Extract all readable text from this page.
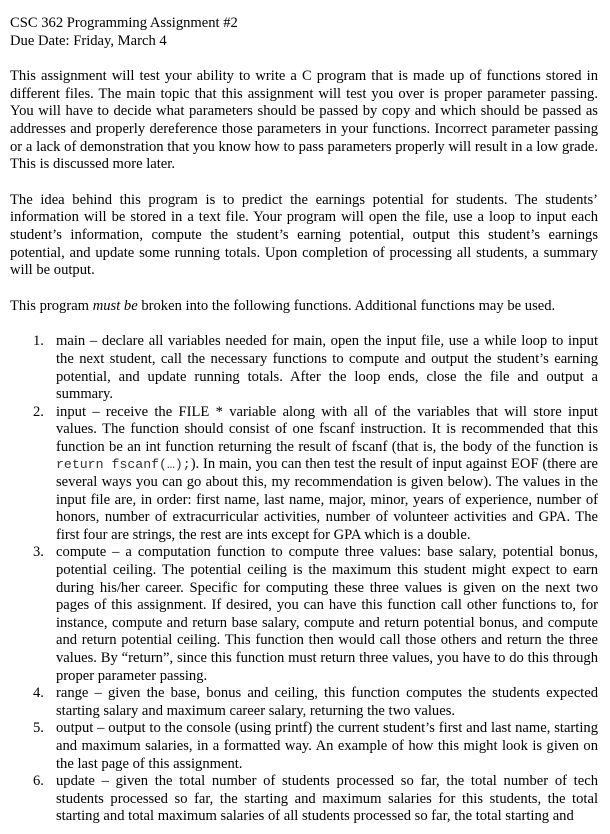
CSC 362 Programming Assignment #2
Due Date: Friday, March 4

This assignment will test your ability to write a C program that is made up of functions stored in different files. The main topic that this assignment will test you over is proper parameter passing. You will have to decide what parameters should be passed by copy and which should be passed as addresses and properly dereference those parameters in your functions. Incorrect parameter passing or a lack of demonstration that you know how to pass parameters properly will result in a low grade. This is discussed more later.

The idea behind this program is to predict the earnings potential for students. The students’ information will be stored in a text file. Your program will open the file, use a loop to input each student’s information, compute the student’s earning potential, output this student’s earnings potential, and update some running totals. Upon completion of processing all students, a summary will be output.

This program must be broken into the following functions. Additional functions may be used.

1. main – declare all variables needed for main, open the input file, use a while loop to input the next student, call the necessary functions to compute and output the student’s earning potential, and update running totals. After the loop ends, close the file and output a summary.
2. input – receive the FILE * variable along with all of the variables that will store input values. The function should consist of one fscanf instruction. It is recommended that this function be an int function returning the result of fscanf (that is, the body of the function is return fscanf(…);). In main, you can then test the result of input against EOF (there are several ways you can go about this, my recommendation is given below). The values in the input file are, in order: first name, last name, major, minor, years of experience, number of honors, number of extracurricular activities, number of volunteer activities and GPA. The first four are strings, the rest are ints except for GPA which is a double.
3. compute – a computation function to compute three values: base salary, potential bonus, potential ceiling. The potential ceiling is the maximum this student might expect to earn during his/her career. Specific for computing these three values is given on the next two pages of this assignment. If desired, you can have this function call other functions to, for instance, compute and return base salary, compute and return potential bonus, and compute and return potential ceiling. This function then would call those others and return the three values. By “return”, since this function must return three values, you have to do this through proper parameter passing.
4. range – given the base, bonus and ceiling, this function computes the students expected starting salary and maximum career salary, returning the two values.
5. output – output to the console (using printf) the current student’s first and last name, starting and maximum salaries, in a formatted way. An example of how this might look is given on the last page of this assignment.
6. update – given the total number of students processed so far, the total number of tech students processed so far, the starting and maximum salaries for this students, the total starting and total maximum salaries of all students processed so far, the total starting and
